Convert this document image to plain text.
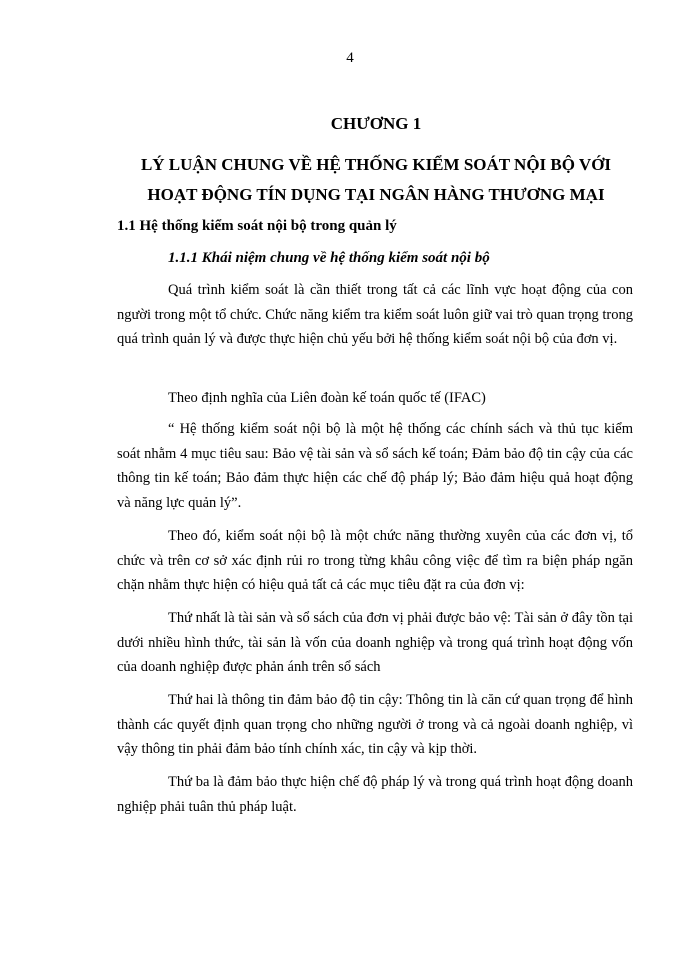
4
CHƯƠNG 1
LÝ LUẬN CHUNG VỀ HỆ THỐNG KIỂM SOÁT NỘI BỘ VỚI
HOẠT ĐỘNG TÍN DỤNG TẠI NGÂN HÀNG THƯƠNG MẠI
1.1 Hệ thống kiểm soát nội bộ trong quản lý
1.1.1 Khái niệm chung về hệ thống kiểm soát nội bộ

Quá trình kiểm soát là cần thiết trong tất cả các lĩnh vực hoạt động của con người trong một tổ chức. Chức năng kiểm tra kiểm soát luôn giữ vai trò quan trọng trong quá trình quản lý và được thực hiện chủ yếu bởi hệ thống kiểm soát nội bộ của đơn vị.

Theo định nghĩa của Liên đoàn kế toán quốc tế (IFAC)

“ Hệ thống kiểm soát nội bộ là một hệ thống các chính sách và thủ tục kiểm soát nhằm 4 mục tiêu sau: Bảo vệ tài sản và sổ sách kế toán; Đảm bảo độ tin cậy của các thông tin kế toán; Bảo đảm thực hiện các chế độ pháp lý; Bảo đảm hiệu quả hoạt động và năng lực quản lý”.

Theo đó, kiểm soát nội bộ là một chức năng thường xuyên của các đơn vị, tổ chức và trên cơ sở xác định rủi ro trong từng khâu công việc để tìm ra biện pháp ngăn chặn nhằm thực hiện có hiệu quả tất cả các mục tiêu đặt ra của đơn vị:

Thứ nhất là tài sản và sổ sách của đơn vị phải được bảo vệ: Tài sản ở đây tồn tại dưới nhiều hình thức, tài sản là vốn của doanh nghiệp và trong quá trình hoạt động vốn của doanh nghiệp được phản ánh trên sổ sách

Thứ hai là thông tin đảm bảo độ tin cậy: Thông tin là căn cứ quan trọng để hình thành các quyết định quan trọng cho những người ở trong và cả ngoài doanh nghiệp, vì vậy thông tin phải đảm bảo tính chính xác, tin cậy và kịp thời.

Thứ ba là đảm bảo thực hiện chế độ pháp lý và trong quá trình hoạt động doanh nghiệp phải tuân thủ pháp luật.
